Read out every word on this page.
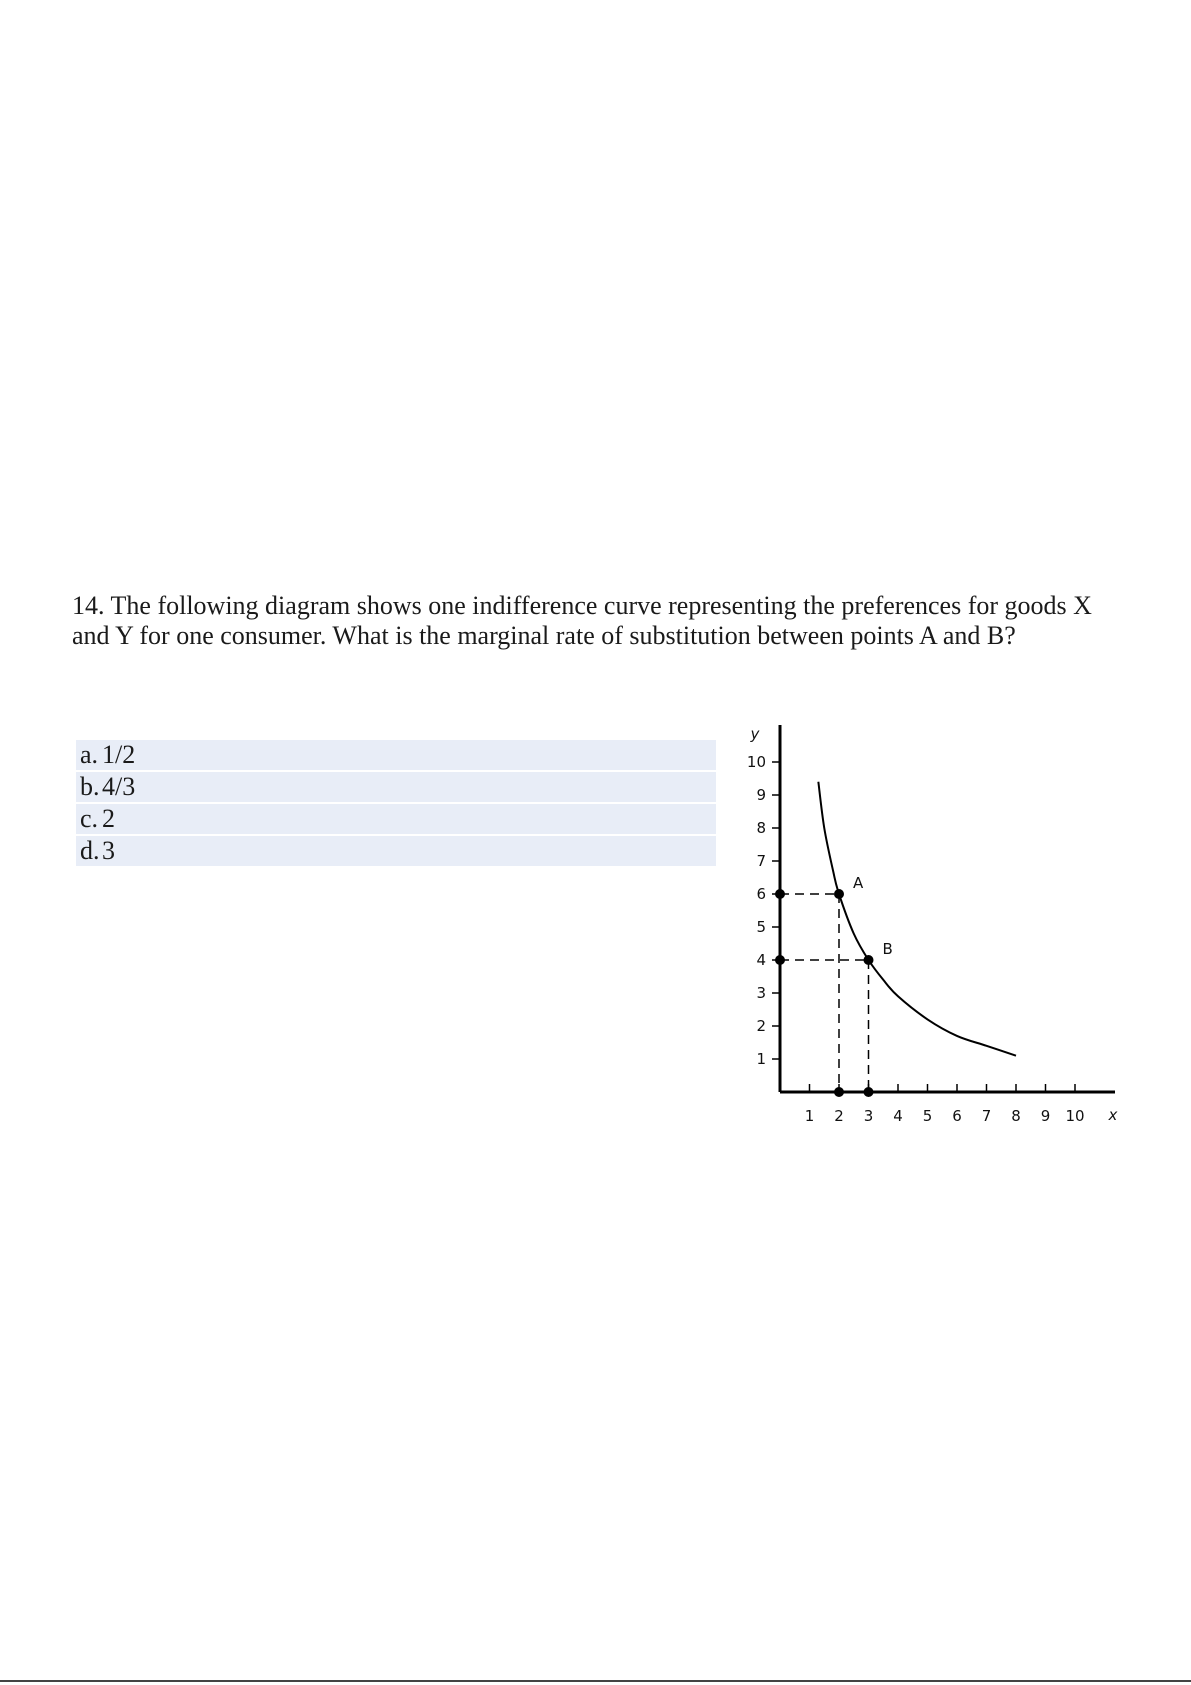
14. The following diagram shows one indifference curve representing the preferences for goods X and Y for one consumer. What is the marginal rate of substitution between points A and B?

a.	1/2
b.	4/3
c.	2
d.	3
y
x
1
2
3
4
5
6
7
8
9
10
1 2 3 4 5 6 7 8 9 10
A
B
